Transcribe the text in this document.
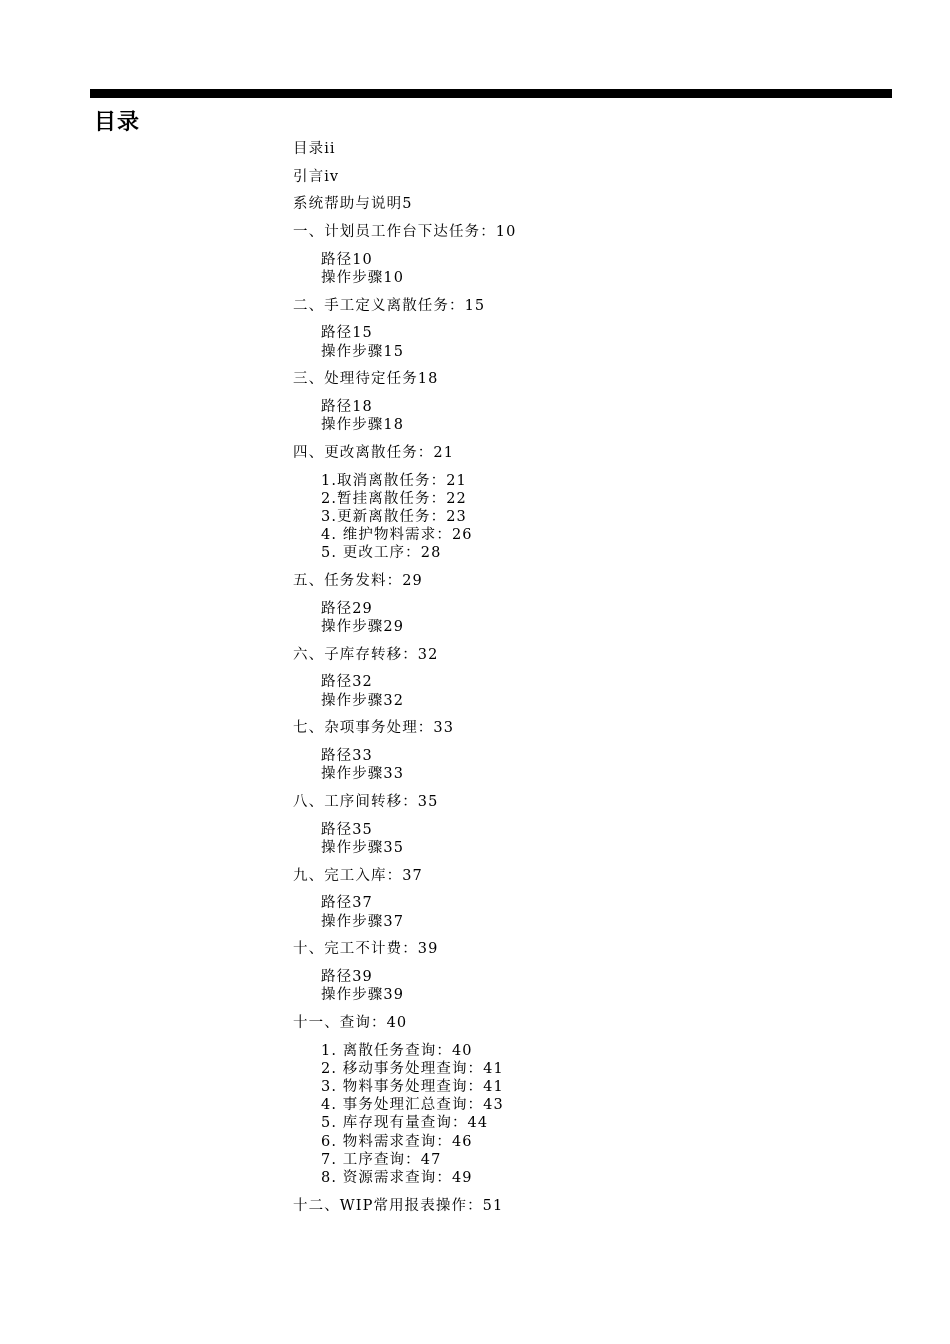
目录
目录ii
引言iv
系统帮助与说明5
一、计划员工作台下达任务：10
路径10
操作步骤10
二、手工定义离散任务：15
路径15
操作步骤15
三、处理待定任务18
路径18
操作步骤18
四、更改离散任务：21
1.取消离散任务：21
2.暂挂离散任务：22
3.更新离散任务：23
4. 维护物料需求：26
5. 更改工序：28
五、任务发料：29
路径29
操作步骤29
六、子库存转移：32
路径32
操作步骤32
七、杂项事务处理：33
路径33
操作步骤33
八、工序间转移：35
路径35
操作步骤35
九、完工入库：37
路径37
操作步骤37
十、完工不计费：39
路径39
操作步骤39
十一、查询：40
1. 离散任务查询：40
2. 移动事务处理查询：41
3. 物料事务处理查询：41
4. 事务处理汇总查询：43
5. 库存现有量查询：44
6. 物料需求查询：46
7. 工序查询：47
8. 资源需求查询：49
十二、WIP常用报表操作：51
